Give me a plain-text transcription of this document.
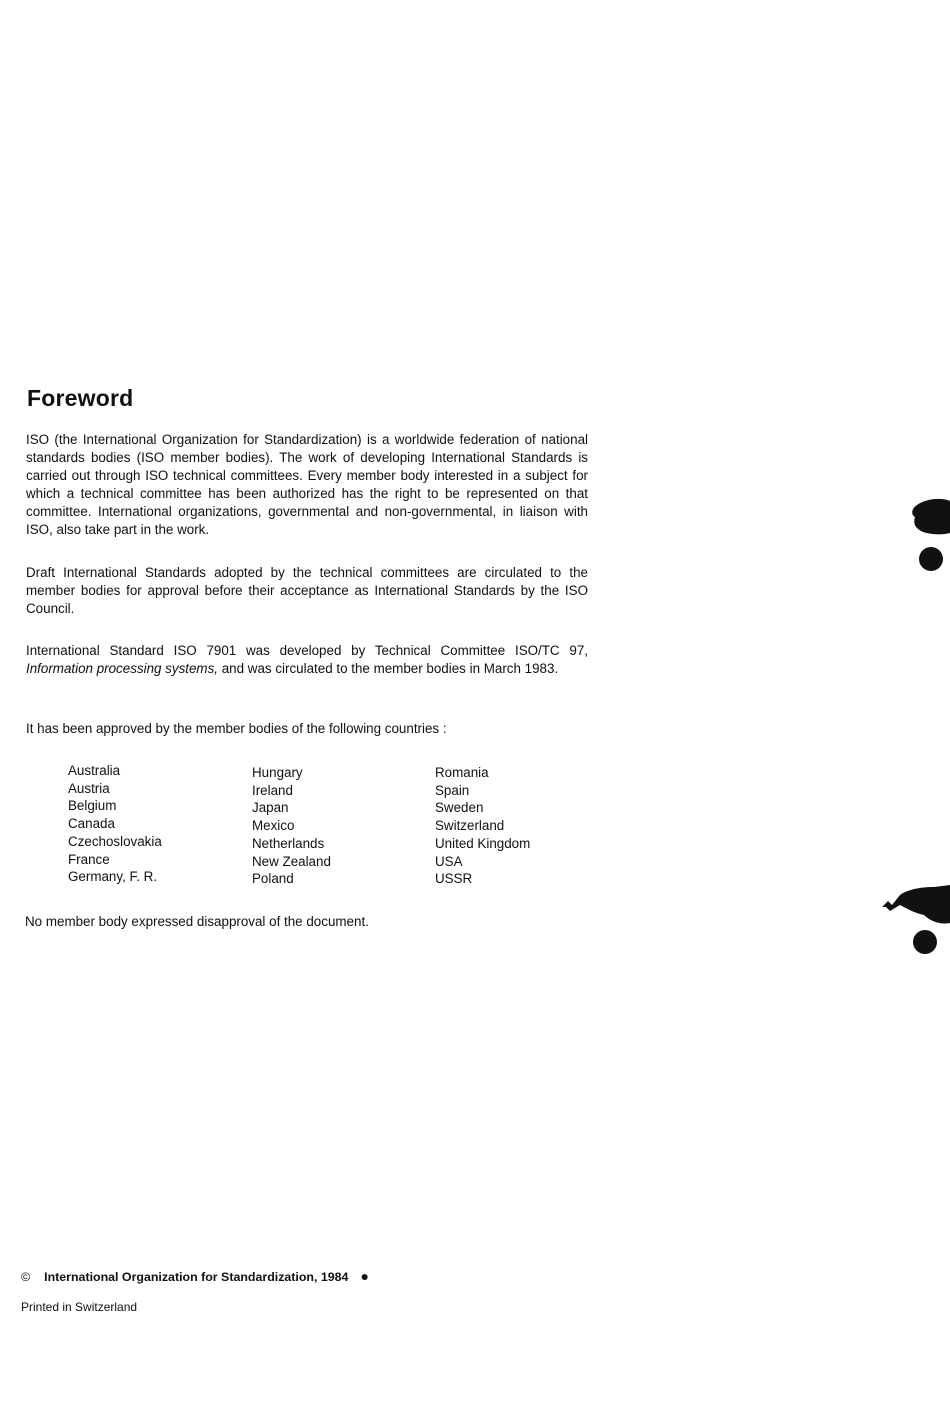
Foreword

ISO (the International Organization for Standardization) is a worldwide federation of national standards bodies (ISO member bodies). The work of developing International Standards is carried out through ISO technical committees. Every member body interested in a subject for which a technical committee has been authorized has the right to be represented on that committee. International organizations, governmental and non-governmental, in liaison with ISO, also take part in the work.

Draft International Standards adopted by the technical committees are circulated to the member bodies for approval before their acceptance as International Standards by the ISO Council.

International Standard ISO 7901 was developed by Technical Committee ISO/TC 97, Information processing systems, and was circulated to the member bodies in March 1983.

It has been approved by the member bodies of the following countries :

Australia
Austria
Belgium
Canada
Czechoslovakia
France
Germany, F. R.
Hungary
Ireland
Japan
Mexico
Netherlands
New Zealand
Poland
Romania
Spain
Sweden
Switzerland
United Kingdom
USA
USSR

No member body expressed disapproval of the document.

© International Organization for Standardization, 1984 ●

Printed in Switzerland
